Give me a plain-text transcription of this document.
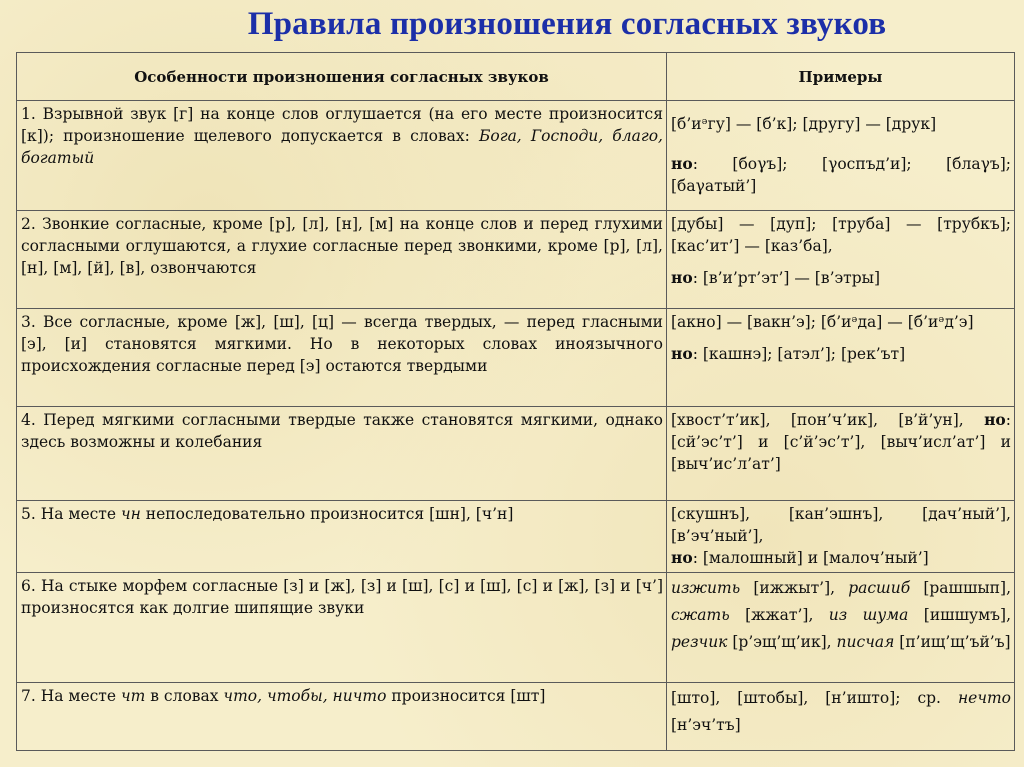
Правила произношения согласных звуков
Особенности произношения согласных звуков	Примеры

1. Взрывной звук [г] на конце слов оглушается (на его месте произносится [к]); произношение щелевого допускается в словах: Бога, Господи, благо, богатый	[б’иᵊгу] — [б’к]; [другу] — [друк]

но: [боγъ]; [γоспъд’и]; [блаγъ]; [баγатый’]

2. Звонкие согласные, кроме [р], [л], [н], [м] на конце слов и перед глухими согласными оглушаются, а глухие согласные перед звонкими, кроме [р], [л], [н], [м], [й], [в], озвончаются	[дубы] — [дуп]; [труба] — [трубкъ]; [кас’ит’] — [каз’ба],

но: [в’и’рт’эт’] — [в’этры]

3. Все согласные, кроме [ж], [ш], [ц] — всегда твердых, — перед гласными [э], [и] становятся мягкими. Но в некоторых словах иноязычного происхождения согласные перед [э] остаются твердыми	[акно] — [вакн’э]; [б’иᵊда] — [б’иᵊд’э]

но: [кашнэ]; [атэл’]; [рек’ът]

4. Перед мягкими согласными твердые также становятся мягкими, однако здесь возможны и колебания	[хвост’т’ик], [пон’ч’ик], [в’й’ун], но: [сй’эс’т’] и [с’й’эс’т’], [выч’исл’ат’] и [выч’ис’л’ат’]

5. На месте чн непоследовательно произносится [шн], [ч’н]	[скушнъ], [кан’эшнъ], [дач’ный’], [в’эч’ный’],
но: [малошный] и [малоч’ный’]

6. На стыке морфем согласные [з] и [ж], [з] и [ш], [с] и [ш], [с] и [ж], [з] и [ч’] произносятся как долгие шипящие звуки	изжить [ижжыт’], расшиб [рашшып], сжать [жжат’], из шума [ишшумъ], резчик [р’эщ’щ’ик], писчая [п’ищ’щ’ъй’ъ]

7. На месте чт в словах что, чтобы, ничто произносится [шт]	[што], [штобы], [н’ишто]; ср. нечто [н’эч’тъ]
